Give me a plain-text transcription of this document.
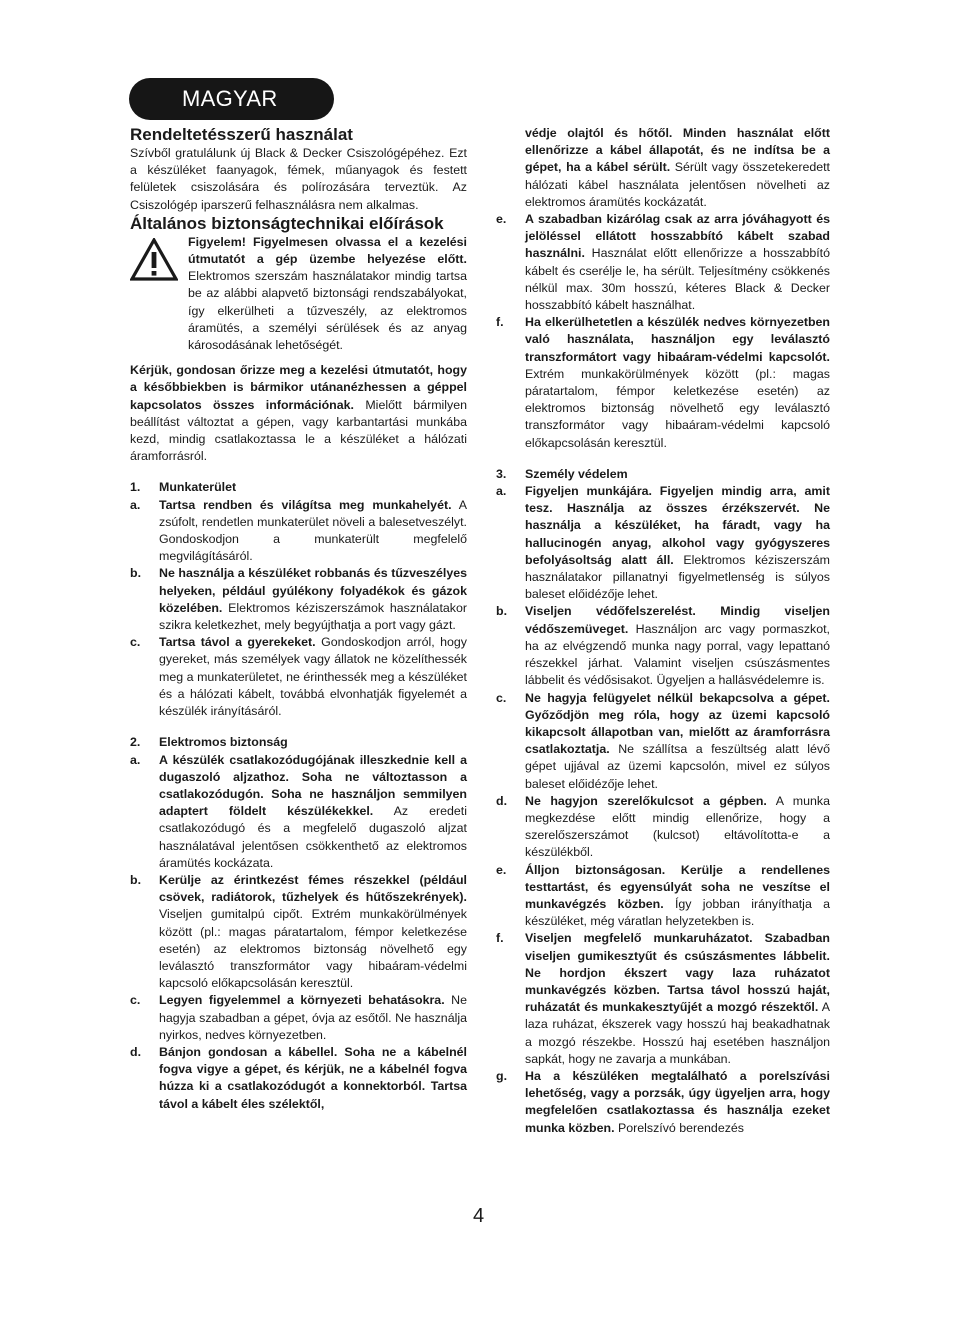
MAGYAR
Rendeltetésszerű használat

Szívből gratulálunk új Black & Decker Csiszológépéhez. Ezt a készüléket faanyagok, fémek, műanyagok és festett felületek csiszolására és polírozására terveztük. Az Csiszológép iparszerű felhasználásra nem alkalmas.

Általános biztonságtechnikai előírások
Figyelem! Figyelmesen olvassa el a kezelési útmutatót a gép üzembe helyezése előtt. Elektromos szerszám használatakor mindig tartsa be az alábbi alapvető biztonsági rendszabályokat, így elkerülheti a tűzveszély, az elektromos áramütés, a személyi sérülések és az anyag károsodásának lehetőségét.

Kérjük, gondosan őrizze meg a kezelési útmutatót, hogy a későbbiekben is bármikor utánanézhessen a géppel kapcsolatos összes információnak. Mielőtt bármilyen beállítást változtat a gépen, vagy karbantartási munkába kezd, mindig csatlakoztassa le a készüléket a hálózati áramforrásról.

1. Munkaterület
a. Tartsa rendben és világítsa meg munkahelyét. A zsúfolt, rendetlen munkaterület növeli a balesetveszélyt. Gondoskodjon a munkaterült megfelelő megvilágításáról.
b. Ne használja a készüléket robbanás és tűzveszélyes helyeken, például gyúlékony folyadékok és gázok közelében. Elektromos kéziszerszámok használatakor szikra keletkezhet, mely begyújthatja a port vagy gázt.
c. Tartsa távol a gyerekeket. Gondoskodjon arról, hogy gyereket, más személyek vagy állatok ne közelíthessék meg a munkaterületet, ne érinthessék meg a készüléket és a hálózati kábelt, továbbá elvonhatják figyelemét a készülék irányításáról.
2. Elektromos biztonság
a. A készülék csatlakozódugójának illeszkednie kell a dugaszoló aljzathoz. Soha ne változtasson a csatlakozódugón. Soha ne használjon semmilyen adaptert földelt készülékekkel. Az eredeti csatlakozódugó és a megfelelő dugaszoló aljzat használatával jelentősen csökkenthető az elektromos áramütés kockázata.
b. Kerülje az érintkezést fémes részekkel (például csövek, radiátorok, tűzhelyek és hűtőszekrények). Viseljen gumitalpú cipőt. Extrém munkakörülmények között (pl.: magas páratartalom, fémpor keletkezése esetén) az elektromos biztonság növelhető egy leválasztó transzformátor vagy hibaáram-védelmi kapcsoló előkapcsolásán keresztül.
c. Legyen figyelemmel a környezeti behatásokra. Ne hagyja szabadban a gépet, óvja az esőtől. Ne használja nyirkos, nedves környezetben.
d. Bánjon gondosan a kábellel. Soha ne a kábelnél fogva vigye a gépet, és kérjük, ne a kábelnél fogva húzza ki a csatlakozódugót a konnektorból. Tartsa távol a kábelt éles szélektől,
védje olajtól és hőtől. Minden használat előtt ellenőrizze a kábel állapotát, és ne indítsa be a gépet, ha a kábel sérült. Sérült vagy összetekeredett hálózati kábel használata jelentősen növelheti az elektromos áramütés kockázatát.
e. A szabadban kizárólag csak az arra jóváhagyott és jelöléssel ellátott hosszabbító kábelt szabad használni. Használat előtt ellenőrizze a hosszabbító kábelt és cserélje le, ha sérült. Teljesítmény csökkenés nélkül max. 30m hosszú, kéteres Black & Decker hosszabbító kábelt használhat.
f. Ha elkerülhetetlen a készülék nedves környezetben való használata, használjon egy leválasztó transzformátort vagy hibaáram-védelmi kapcsolót. Extrém munkakörülmények között (pl.: magas páratartalom, fémpor keletkezése esetén) az elektromos biztonság növelhető egy leválasztó transzformátor vagy hibaáram-védelmi kapcsoló előkapcsolásán keresztül.
3. Személy védelem
a. Figyeljen munkájára. Figyeljen mindig arra, amit tesz. Használja az összes érzékszervét. Ne használja a készüléket, ha fáradt, vagy ha hallucinogén anyag, alkohol vagy gyógyszeres befolyásoltság alatt áll. Elektromos kéziszerszám használatakor pillanatnyi figyelmetlenség is súlyos baleset előidézője lehet.
b. Viseljen védőfelszerelést. Mindig viseljen védőszemüveget. Használjon arc vagy pormaszkot, ha az elvégzendő munka nagy porral, vagy lepattanó részekkel járhat. Valamint viseljen csúszásmentes lábbelit és védősisakot. Ügyeljen a hallásvédelemre is.
c. Ne hagyja felügyelet nélkül bekapcsolva a gépet. Győződjön meg róla, hogy az üzemi kapcsoló kikapcsolt állapotban van, mielőtt az áramforrásra csatlakoztatja. Ne szállítsa a feszültség alatt lévő gépet ujjával az üzemi kapcsolón, mivel ez súlyos baleset előidézője lehet.
d. Ne hagyjon szerelőkulcsot a gépben. A munka megkezdése előtt mindig ellenőrize, hogy a szerelőszerszámot (kulcsot) eltávolította-e a készülékből.
e. Álljon biztonságosan. Kerülje a rendellenes testtartást, és egyensúlyát soha ne veszítse el munkavégzés közben. Így jobban irányíthatja a készüléket, még váratlan helyzetekben is.
f. Viseljen megfelelő munkaruházatot. Szabadban viseljen gumikesztyűt és csúszásmentes lábbelit. Ne hordjon ékszert vagy laza ruházatot munkavégzés közben. Tartsa távol hosszú haját, ruházatát és munkakesztyűjét a mozgó részektől. A laza ruházat, ékszerek vagy hosszú haj beakadhatnak a mozgó részekbe. Hosszú haj esetében használjon sapkát, hogy ne zavarja a munkában.
g. Ha a készüléken megtalálható a porelszívási lehetőség, vagy a porzsák, úgy ügyeljen arra, hogy megfelelően csatlakoztassa és használja ezeket munka közben. Porelszívó berendezés
4
